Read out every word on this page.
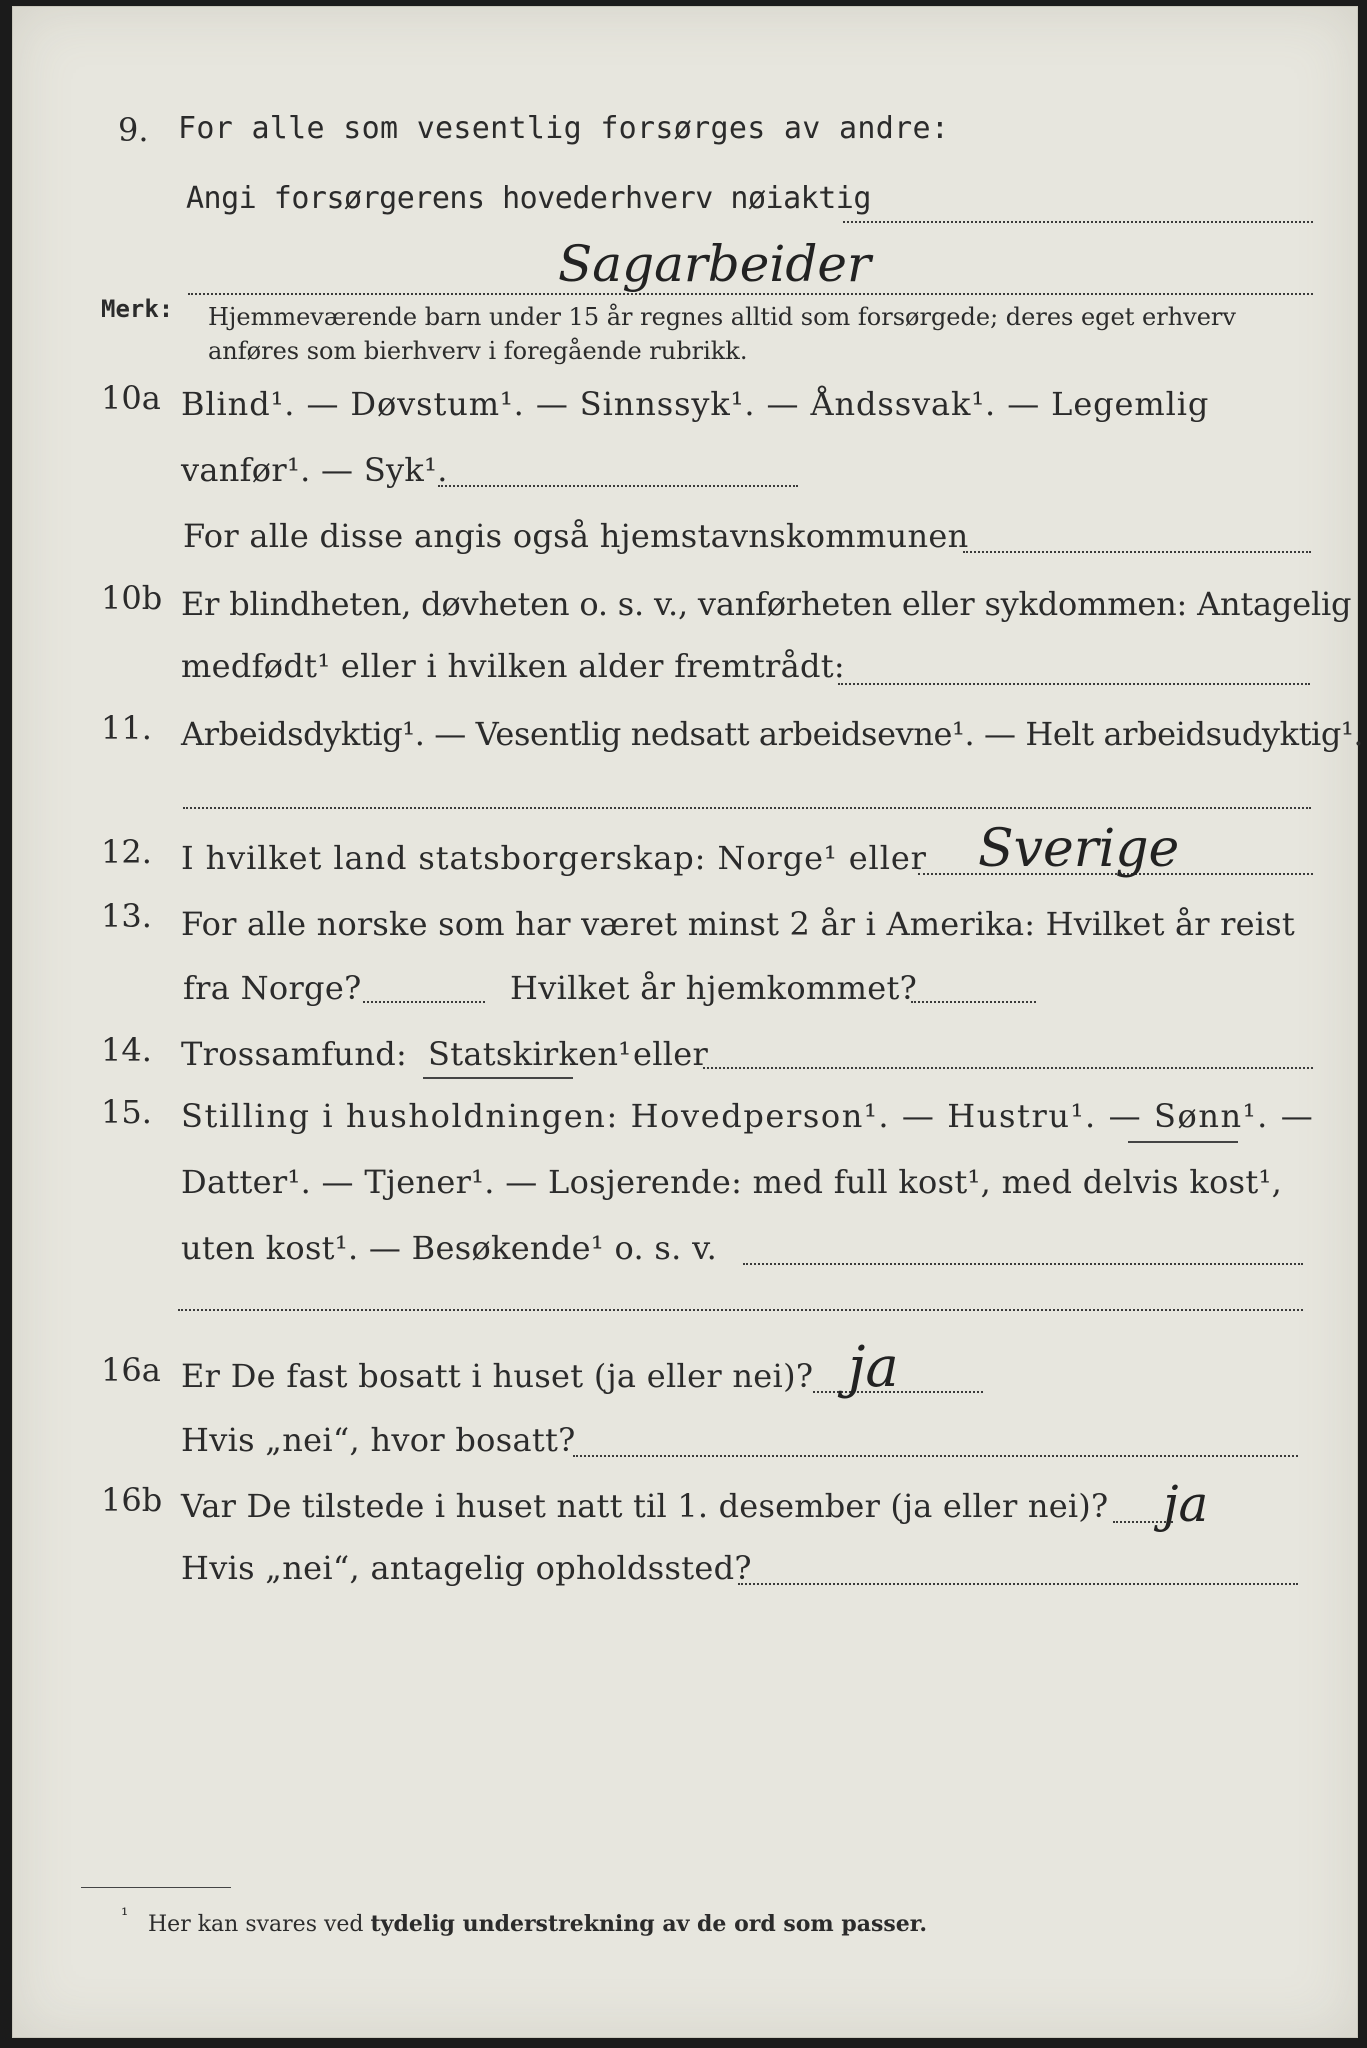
9. For alle som vesentlig forsørges av andre:
Angi forsørgerens hovederhverv nøiaktig
Sagarbeider
Merk: Hjemmeværende barn under 15 år regnes alltid som forsørgede; deres eget erhverv
anføres som bierhverv i foregående rubrikk.
10a Blind¹. — Døvstum¹. — Sinnssyk¹. — Åndssvak¹. — Legemlig
vanfør¹. — Syk¹.
For alle disse angis også hjemstavnskommunen
10b Er blindheten, døvheten o. s. v., vanførheten eller sykdommen: Antagelig
medfødt¹ eller i hvilken alder fremtrådt:
11. Arbeidsdyktig¹. — Vesentlig nedsatt arbeidsevne¹. — Helt arbeidsudyktig¹.
12. I hvilket land statsborgerskap: Norge¹ eller Sverige
13. For alle norske som har været minst 2 år i Amerika: Hvilket år reist
fra Norge?	Hvilket år hjemkommet?
14. Trossamfund: Statskirken¹ eller
15. Stilling i husholdningen: Hovedperson¹. — Hustru¹. — Sønn¹. —
Datter¹. — Tjener¹. — Losjerende: med full kost¹, med delvis kost¹,
uten kost¹. — Besøkende¹ o. s. v.
16a Er De fast bosatt i huset (ja eller nei)? ja
Hvis „nei“, hvor bosatt?
16b Var De tilstede i huset natt til 1. desember (ja eller nei)? ja
Hvis „nei“, antagelig opholdssted?
¹ Her kan svares ved tydelig understrekning av de ord som passer.
